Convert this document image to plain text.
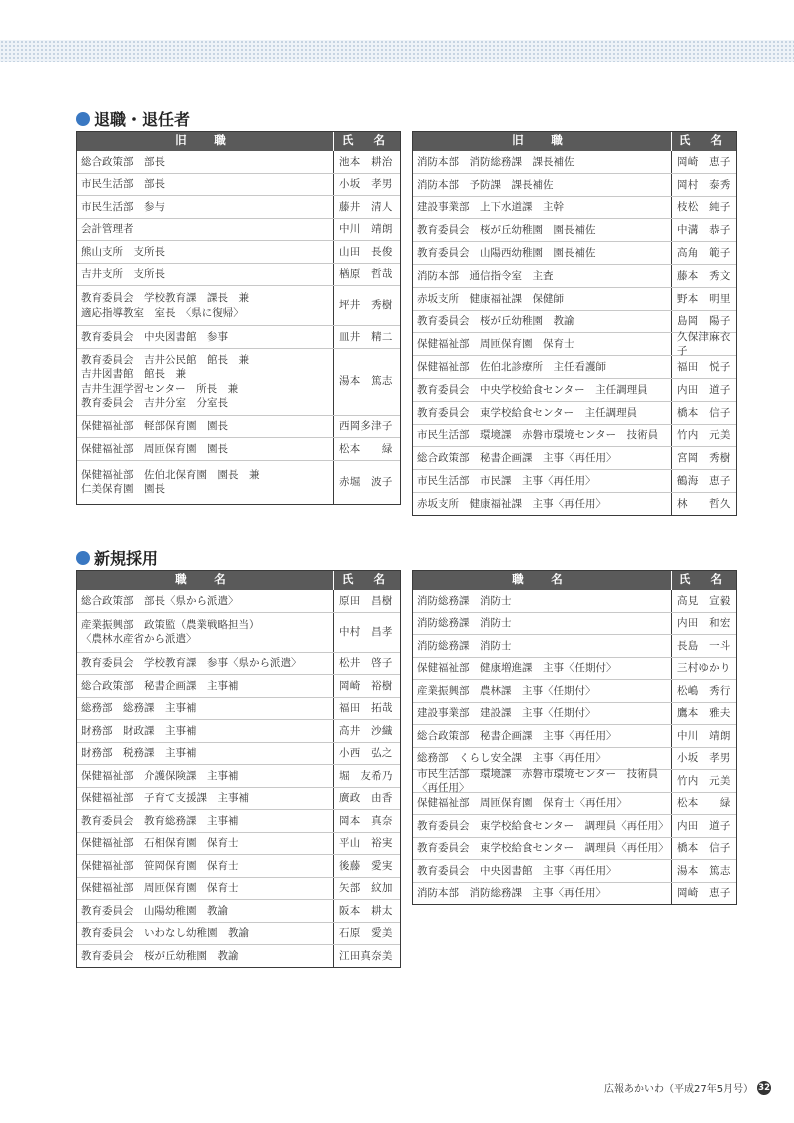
退職・退任者
旧　職	氏 名
総合政策部　部長	池本　耕治
市民生活部　部長	小坂　孝男
市民生活部　参与	藤井　清人
会計管理者	中川　靖朗
熊山支所　支所長	山田　長俊
吉井支所　支所長	楢原　哲哉
教育委員会　学校教育課　課長　兼
適応指導教室　室長　〈県に復帰〉
坪井　秀樹
教育委員会　中央図書館　参事	皿井　精二
教育委員会　吉井公民館　館長　兼
吉井図書館　館長　兼
吉井生涯学習センター　所長　兼
教育委員会　吉井分室　分室長
湯本　篤志
保健福祉部　軽部保育園　園長	西岡多津子
保健福祉部　周匝保育園　園長	松本　　緑
保健福祉部　佐伯北保育園　園長　兼
仁美保育園　園長
赤堀　波子
旧　職	氏 名
消防本部　消防総務課　課長補佐	岡崎　恵子
消防本部　予防課　課長補佐	岡村　泰秀
建設事業部　上下水道課　主幹	枝松　純子
教育委員会　桜が丘幼稚園　園長補佐	中溝　恭子
教育委員会　山陽西幼稚園　園長補佐	高角　範子
消防本部　通信指令室　主査	藤本　秀文
赤坂支所　健康福祉課　保健師	野本　明里
教育委員会　桜が丘幼稚園　教諭	島岡　陽子
保健福祉部　周匝保育園　保育士
久保津麻衣子
保健福祉部　佐伯北診療所　主任看護師	福田　悦子
教育委員会　中央学校給食センター　主任調理員	内田　道子
教育委員会　東学校給食センター　主任調理員	橋本　信子
市民生活部　環境課　赤磐市環境センター　技術員	竹内　元美
総合政策部　秘書企画課　主事〈再任用〉	宮岡　秀樹
市民生活部　市民課　主事〈再任用〉	鶴海　恵子
赤坂支所　健康福祉課　主事〈再任用〉	林　　哲久
新規採用
職　名	氏 名
総合政策部　部長〈県から派遣〉	原田　昌樹
産業振興部　政策監（農業戦略担当）
〈農林水産省から派遣〉
中村　昌孝
教育委員会　学校教育課　参事〈県から派遣〉	松井　啓子
総合政策部　秘書企画課　主事補	岡崎　裕樹
総務部　総務課　主事補	福田　拓哉
財務部　財政課　主事補	高井　沙織
財務部　税務課　主事補	小西　弘之
保健福祉部　介護保険課　主事補	堀　友希乃
保健福祉部　子育て支援課　主事補	廣政　由香
教育委員会　教育総務課　主事補	岡本　真奈
保健福祉部　石相保育園　保育士	平山　裕実
保健福祉部　笹岡保育園　保育士	後藤　愛実
保健福祉部　周匝保育園　保育士	矢部　紋加
教育委員会　山陽幼稚園　教諭	阪本　耕太
教育委員会　いわなし幼稚園　教諭	石原　愛美
教育委員会　桜が丘幼稚園　教諭	江田真奈美
職　名	氏 名
消防総務課　消防士	高見　宣毅
消防総務課　消防士	内田　和宏
消防総務課　消防士	長島　一斗
保健福祉部　健康増進課　主事〈任期付〉	三村ゆかり
産業振興部　農林課　主事〈任期付〉	松嶋　秀行
建設事業部　建設課　主事〈任期付〉	鷹本　雅夫
総合政策部　秘書企画課　主事〈再任用〉	中川　靖朗
総務部　くらし安全課　主事〈再任用〉	小坂　孝男
市民生活部　環境課　赤磐市環境センター　技術員〈再任用〉
竹内　元美
保健福祉部　周匝保育園　保育士〈再任用〉	松本　　緑
教育委員会　東学校給食センター　調理員〈再任用〉 内田　道子
教育委員会　東学校給食センター　調理員〈再任用〉 橋本　信子
教育委員会　中央図書館　主事〈再任用〉	湯本　篤志
消防本部　消防総務課　主事〈再任用〉	岡崎　恵子
広報あかいわ（平成27年5月号） 32
